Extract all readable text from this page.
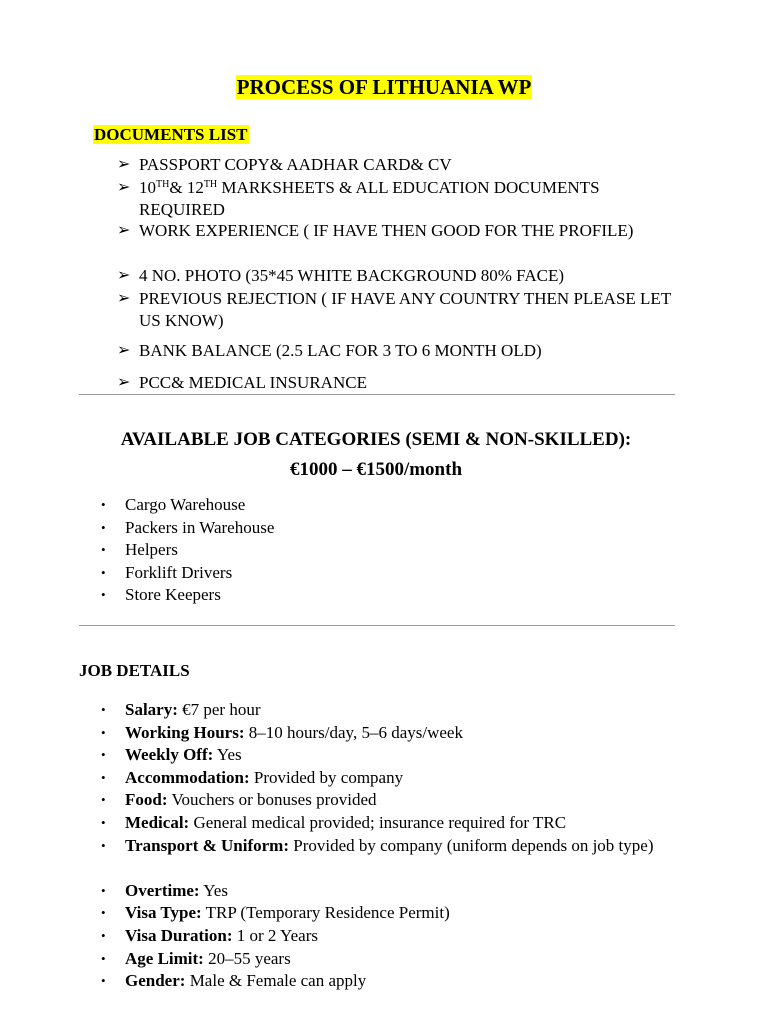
PROCESS OF LITHUANIA WP
DOCUMENTS LIST
➢ PASSPORT COPY& AADHAR CARD& CV
➢ 10TH& 12TH MARKSHEETS & ALL EDUCATION DOCUMENTS REQUIRED
➢ WORK EXPERIENCE ( IF HAVE THEN GOOD FOR THE PROFILE)
➢ 4 NO. PHOTO (35*45 WHITE BACKGROUND 80% FACE)
➢ PREVIOUS REJECTION ( IF HAVE ANY COUNTRY THEN PLEASE LET US KNOW)
➢ BANK BALANCE (2.5 LAC FOR 3 TO 6 MONTH OLD)
➢ PCC& MEDICAL INSURANCE
AVAILABLE JOB CATEGORIES (SEMI & NON-SKILLED):
€1000 – €1500/month
•	Cargo Warehouse
•	Packers in Warehouse
•	Helpers
•	Forklift Drivers
•	Store Keepers
JOB DETAILS
•	Salary: €7 per hour
•	Working Hours: 8–10 hours/day, 5–6 days/week
•	Weekly Off: Yes
•	Accommodation: Provided by company
•	Food: Vouchers or bonuses provided
•	Medical: General medical provided; insurance required for TRC
•	Transport & Uniform: Provided by company (uniform depends on job type)
•	Overtime: Yes
•	Visa Type: TRP (Temporary Residence Permit)
•	Visa Duration: 1 or 2 Years
•	Age Limit: 20–55 years
•	Gender: Male & Female can apply
